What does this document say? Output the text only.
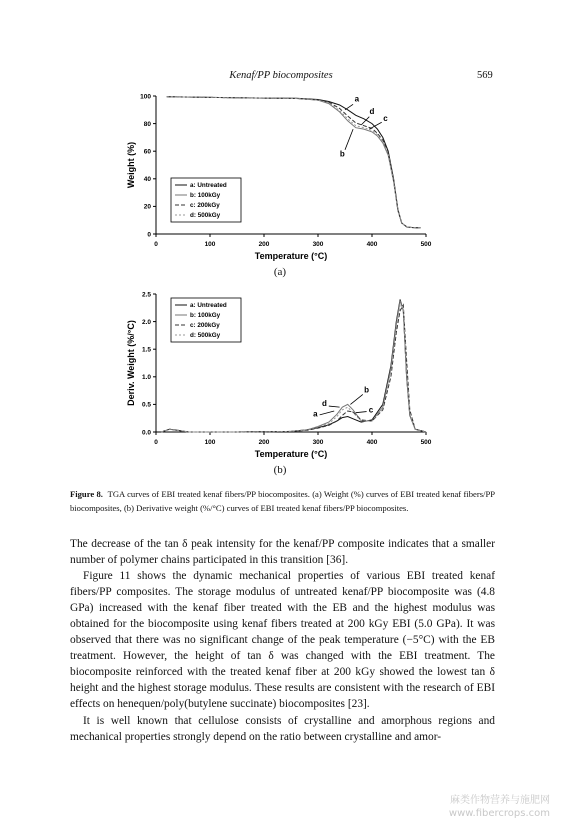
Kenaf/PP biocomposites	569
0	100	200	300	400	500
0
20
40
60
80
100
Temperature (°C)
Weight (%)
a
b
c
d
a: Untreated
b: 100kGy
c: 200kGy
d: 500kGy
(a)
0	100	200	300	400	500
0.0
0.5
1.0
1.5
2.0
2.5
Temperature (°C)
Deriv. Weight (%/°C)
a
b
c
d
a: Untreated
b: 100kGy
c: 200kGy
d: 500kGy
(b)
Figure 8. TGA curves of EBI treated kenaf fibers/PP biocomposites. (a) Weight (%) curves of EBI treated kenaf fibers/PP biocomposites, (b) Derivative weight (%/°C) curves of EBI treated kenaf fibers/PP biocomposites.

The decrease of the tan δ peak intensity for the kenaf/PP composite indicates that a smaller number of polymer chains participated in this transition [36].

Figure 11 shows the dynamic mechanical properties of various EBI treated kenaf fibers/PP composites. The storage modulus of untreated kenaf/PP biocomposite was (4.8 GPa) increased with the kenaf fiber treated with the EB and the highest modulus was obtained for the biocomposite using kenaf fibers treated at 200 kGy EBI (5.0 GPa). It was observed that there was no significant change of the peak temperature (−5°C) with the EB treatment. However, the height of tan δ was changed with the EBI treatment. The biocomposite reinforced with the treated kenaf fiber at 200 kGy showed the lowest tan δ height and the highest storage modulus. These results are consistent with the research of EBI effects on henequen/poly(butylene succinate) biocomposites [23].

It is well known that cellulose consists of crystalline and amorphous regions and mechanical properties strongly depend on the ratio between crystalline and amor-

麻类作物营养与施肥网
www.fibercrops.com
